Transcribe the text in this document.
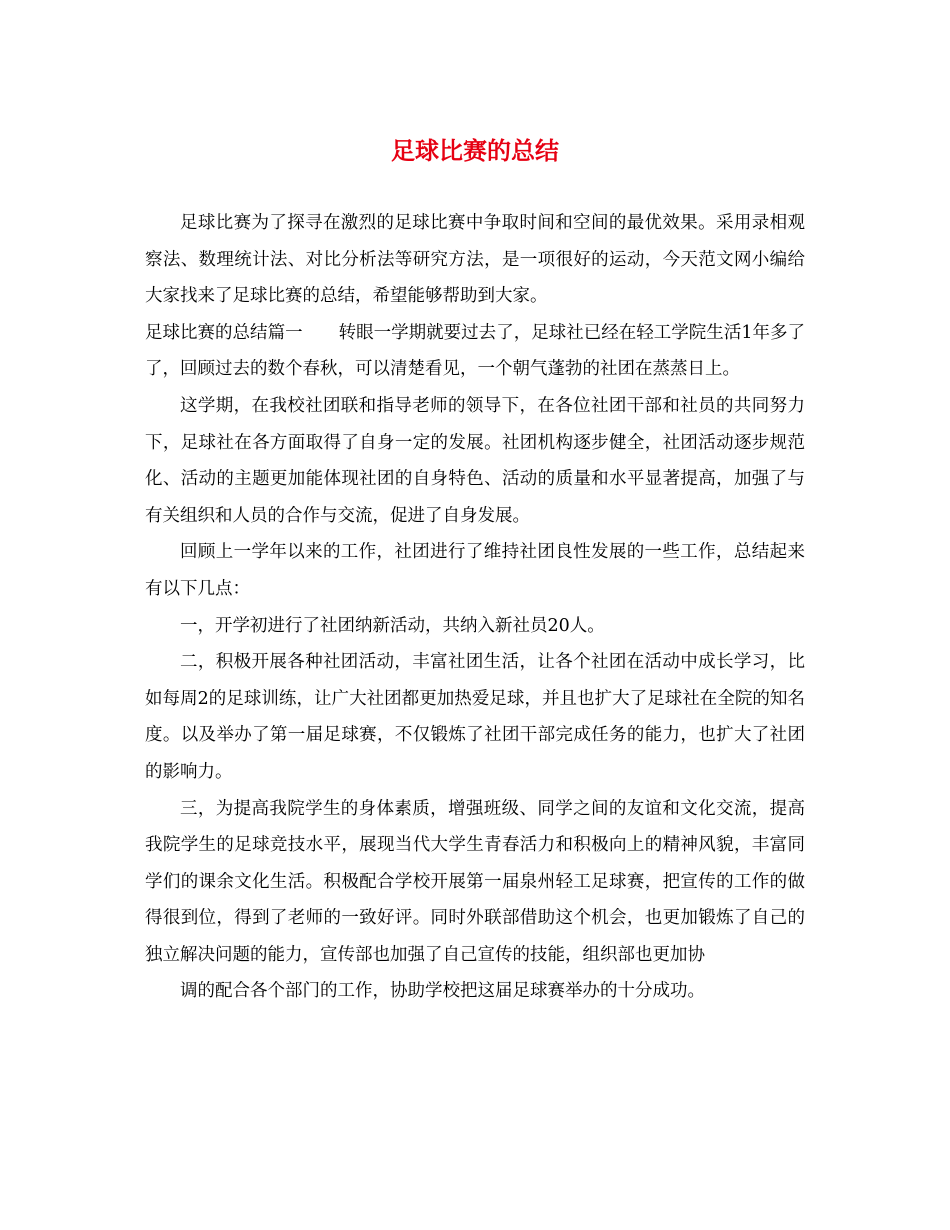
足球比赛的总结

足球比赛为了探寻在激烈的足球比赛中争取时间和空间的最优效果。采用录相观察法、数理统计法、对比分析法等研究方法，是一项很好的运动，今天范文网小编给大家找来了足球比赛的总结，希望能够帮助到大家。

足球比赛的总结篇一 转眼一学期就要过去了，足球社已经在轻工学院生活1年多了了，回顾过去的数个春秋，可以清楚看见，一个朝气蓬勃的社团在蒸蒸日上。

这学期，在我校社团联和指导老师的领导下，在各位社团干部和社员的共同努力下，足球社在各方面取得了自身一定的发展。社团机构逐步健全，社团活动逐步规范化、活动的主题更加能体现社团的自身特色、活动的质量和水平显著提高，加强了与有关组织和人员的合作与交流，促进了自身发展。

回顾上一学年以来的工作，社团进行了维持社团良性发展的一些工作，总结起来有以下几点：

一，开学初进行了社团纳新活动，共纳入新社员20人。

二，积极开展各种社团活动，丰富社团生活，让各个社团在活动中成长学习，比如每周2的足球训练，让广大社团都更加热爱足球，并且也扩大了足球社在全院的知名度。以及举办了第一届足球赛，不仅锻炼了社团干部完成任务的能力，也扩大了社团的影响力。

三，为提高我院学生的身体素质，增强班级、同学之间的友谊和文化交流，提高我院学生的足球竞技水平，展现当代大学生青春活力和积极向上的精神风貌，丰富同学们的课余文化生活。积极配合学校开展第一届泉州轻工足球赛，把宣传的工作的做得很到位，得到了老师的一致好评。同时外联部借助这个机会，也更加锻炼了自己的独立解决问题的能力，宣传部也加强了自己宣传的技能，组织部也更加协

调的配合各个部门的工作，协助学校把这届足球赛举办的十分成功。
